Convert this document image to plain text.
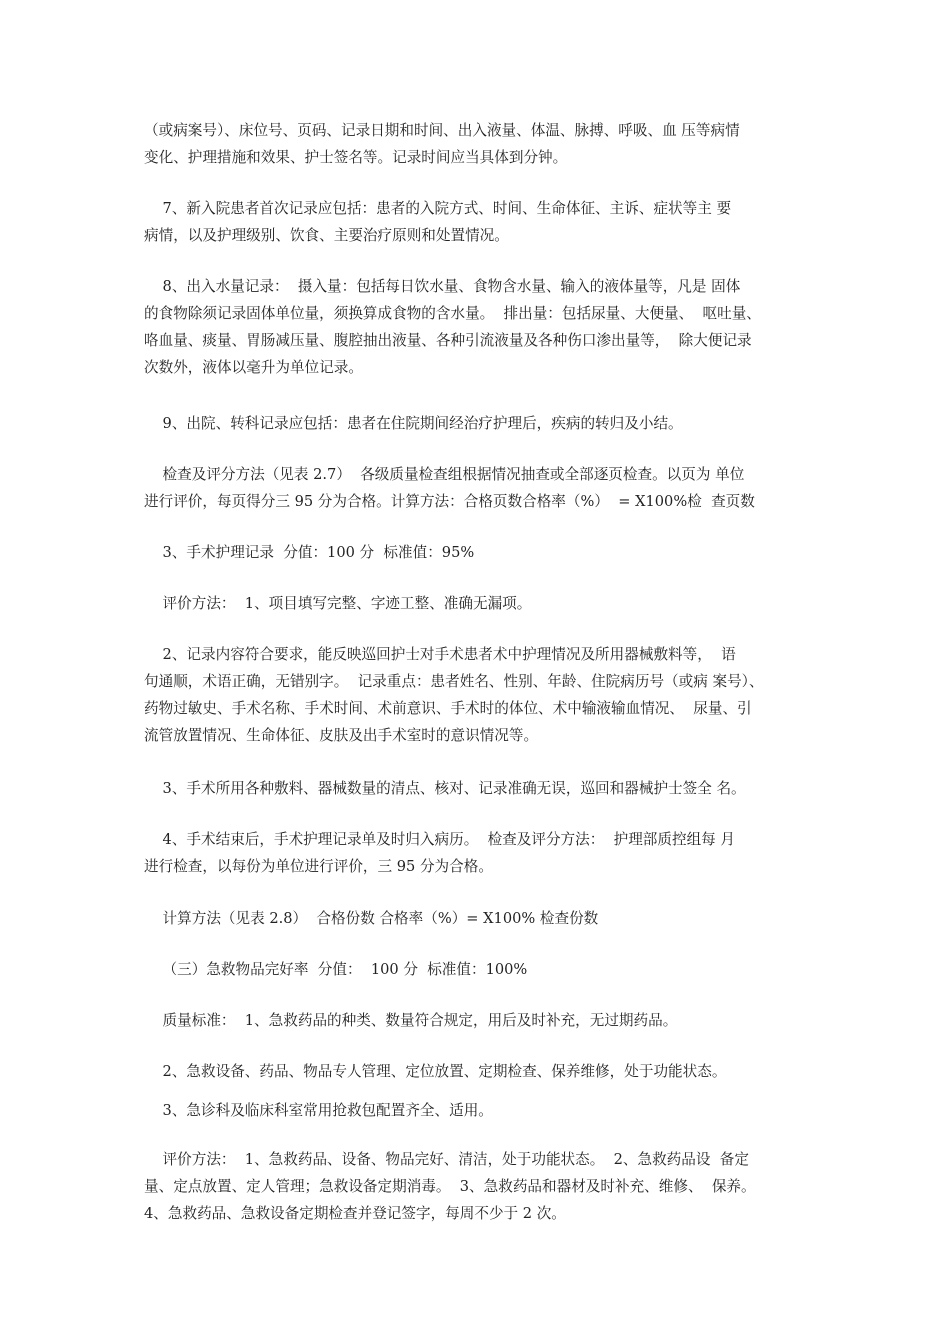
（或病案号）、床位号、页码、记录日期和时间、出入液量、体温、脉搏、呼吸、血 压等病情
变化、护理措施和效果、护士签名等。记录时间应当具体到分钟。
7、新入院患者首次记录应包括：患者的入院方式、时间、生命体征、主诉、症状等主 要
病情，以及护理级别、饮食、主要治疗原则和处置情况。
8、出入水量记录：  摄入量：包括每日饮水量、食物含水量、输入的液体量等，凡是 固体
的食物除须记录固体单位量，须换算成食物的含水量。  排出量：包括尿量、大便量、  呕吐量、
咯血量、痰量、胃肠减压量、腹腔抽出液量、各种引流液量及各种伤口渗出量等，  除大便记录
次数外，液体以毫升为单位记录。
9、出院、转科记录应包括：患者在住院期间经治疗护理后，疾病的转归及小结。
检查及评分方法（见表 2.7）  各级质量检查组根据情况抽查或全部逐页检查。以页为 单位
进行评价，每页得分三 95 分为合格。计算方法：合格页数合格率（%）  = X100%检  查页数
3、手术护理记录  分值：100 分  标准值：95%
评价方法：  1、项目填写完整、字迹工整、准确无漏项。
2、记录内容符合要求，能反映巡回护士对手术患者术中护理情况及所用器械敷料等，  语
句通顺，术语正确，无错别字。  记录重点：患者姓名、性别、年龄、住院病历号（或病 案号）、
药物过敏史、手术名称、手术时间、术前意识、手术时的体位、术中输液输血情况、  尿量、引
流管放置情况、生命体征、皮肤及出手术室时的意识情况等。
3、手术所用各种敷料、器械数量的清点、核对、记录准确无误，巡回和器械护士签全 名。
4、手术结束后，手术护理记录单及时归入病历。  检查及评分方法：  护理部质控组每 月
进行检查，以每份为单位进行评价，三 95 分为合格。
计算方法（见表 2.8）  合格份数 合格率（%）= X100% 检查份数
（三）急救物品完好率  分值：  100 分  标准值：100%
质量标准：  1、急救药品的种类、数量符合规定，用后及时补充，无过期药品。
2、急救设备、药品、物品专人管理、定位放置、定期检查、保养维修，处于功能状态。
3、急诊科及临床科室常用抢救包配置齐全、适用。
评价方法：  1、急救药品、设备、物品完好、清洁，处于功能状态。  2、急救药品设  备定
量、定点放置、定人管理；急救设备定期消毒。  3、急救药品和器材及时补充、维修、  保养。
4、急救药品、急救设备定期检查并登记签字，每周不少于 2 次。
